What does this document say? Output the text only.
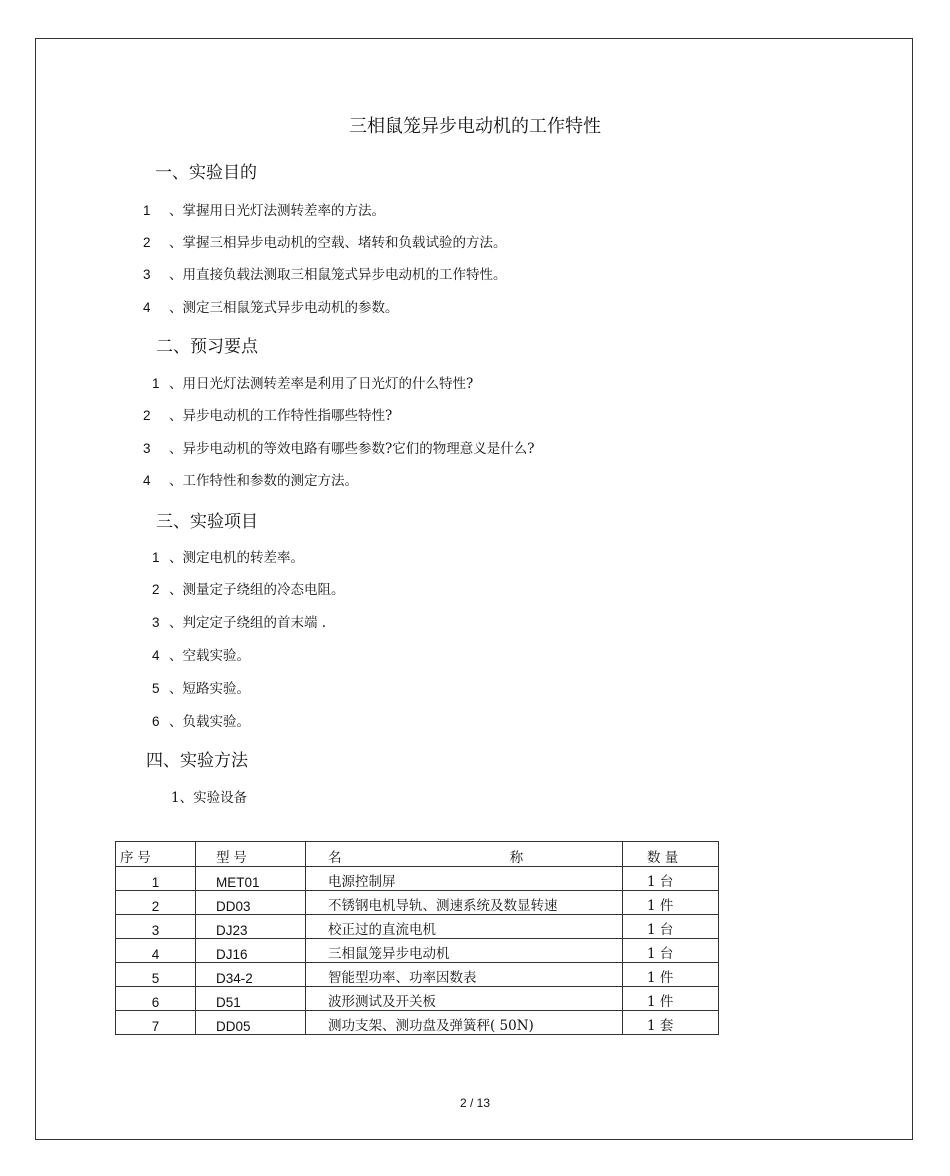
三相鼠笼异步电动机的工作特性
一、实验目的
1 、掌握用日光灯法测转差率的方法。
2 、掌握三相异步电动机的空载、堵转和负载试验的方法。
3 、用直接负载法测取三相鼠笼式异步电动机的工作特性。
4 、测定三相鼠笼式异步电动机的参数。
二、预习要点
1 、用日光灯法测转差率是利用了日光灯的什么特性?
2 、异步电动机的工作特性指哪些特性?
3 、异步电动机的等效电路有哪些参数?它们的物理意义是什么?
4 、工作特性和参数的测定方法。
三、实验项目
1 、测定电机的转差率。
2 、测量定子绕组的冷态电阻。
3 、判定定子绕组的首末端 .
4 、空载实验。
5 、短路实验。
6 、负载实验。
四、实验方法
1、实验设备
序 号	型 号	名 称	数 量
1	MET01	电源控制屏	1 台
2	DD03	不锈钢电机导轨、测速系统及数显转速	1 件
3	DJ23	校正过的直流电机	1 台
4	DJ16	三相鼠笼异步电动机	1 台
5	D34-2	智能型功率、功率因数表	1 件
6	D51	波形测试及开关板	1 件
7	DD05	测功支架、测功盘及弹簧秤( 50N)	1 套
2 / 13
